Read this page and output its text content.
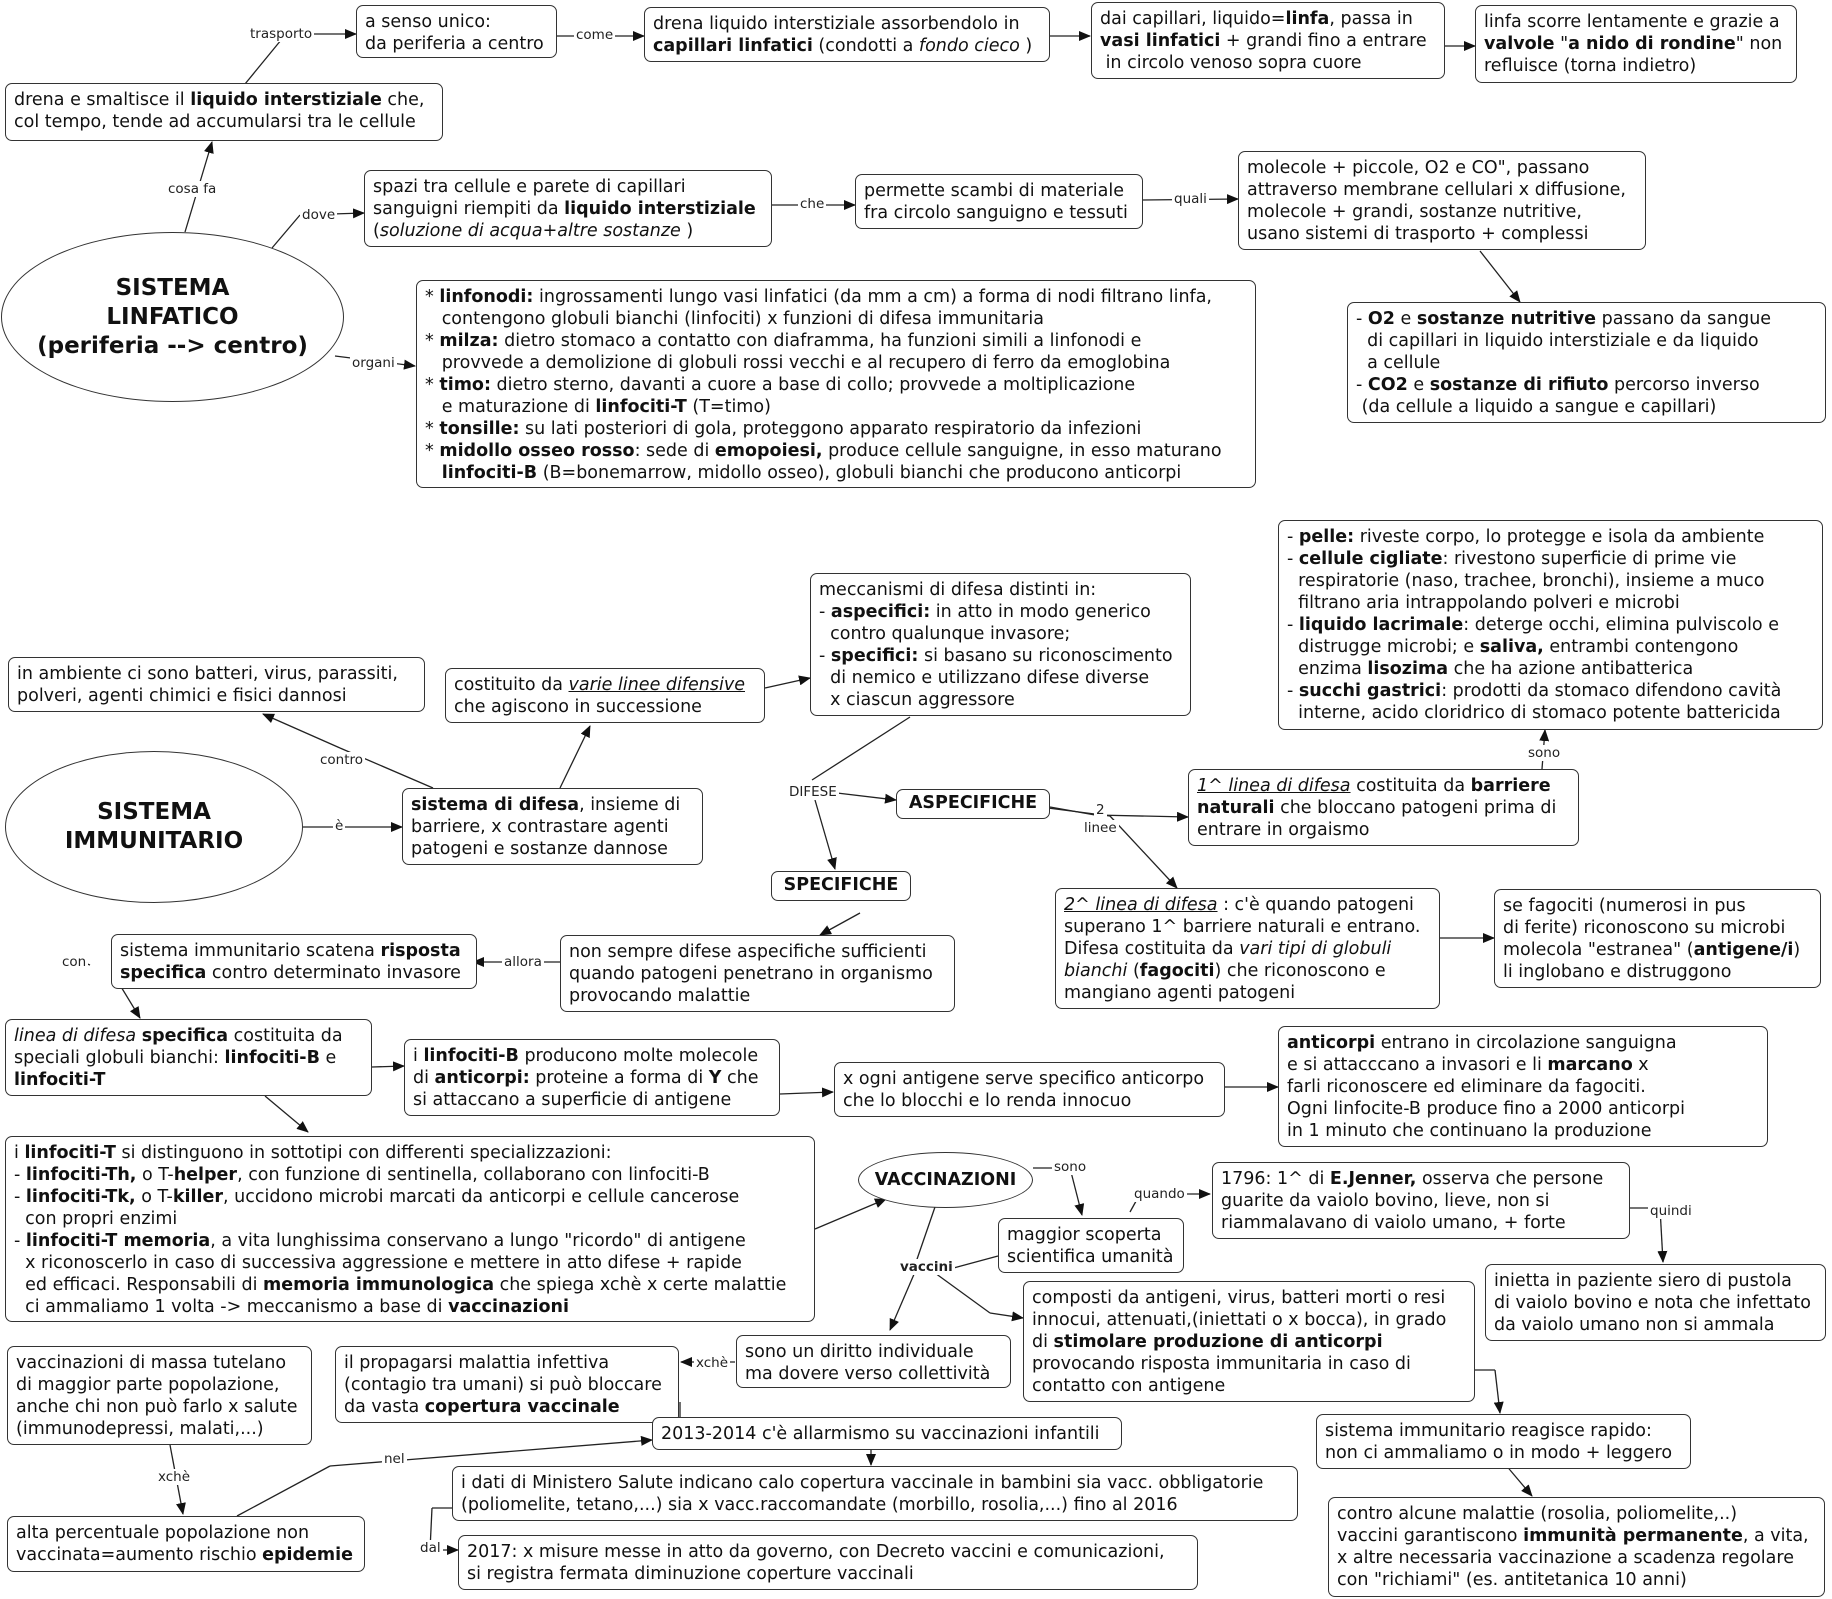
SISTEMA
LINFATICO
(periferia --> centro)
SISTEMA
IMMUNITARIO
VACCINAZIONI

drena e smaltisce il liquido interstiziale che,

col tempo, tende ad accumularsi tra le cellule

a senso unico:

da periferia a centro

drena liquido interstiziale assorbendolo in

capillari linfatici (condotti a fondo cieco )

dai capillari, liquido=linfa, passa in

vasi linfatici + grandi fino a entrare

in circolo venoso sopra cuore

linfa scorre lentamente e grazie a

valvole "a nido di rondine" non

refluisce (torna indietro)

spazi tra cellule e parete di capillari

sanguigni riempiti da liquido interstiziale

(soluzione di acqua+altre sostanze )

permette scambi di materiale

fra circolo sanguigno e tessuti

molecole + piccole, O2 e CO", passano

attraverso membrane cellulari x diffusione,

molecole + grandi, sostanze nutritive,

usano sistemi di trasporto + complessi

- O2 e sostanze nutritive passano da sangue

di capillari in liquido interstiziale e da liquido

a cellule

- CO2 e sostanze di rifiuto percorso inverso

(da cellule a liquido a sangue e capillari)

* linfonodi: ingrossamenti lungo vasi linfatici (da mm a cm) a forma di nodi filtrano linfa,

contengono globuli bianchi (linfociti) x funzioni di difesa immunitaria

* milza: dietro stomaco a contatto con diaframma, ha funzioni simili a linfonodi e

provvede a demolizione di globuli rossi vecchi e al recupero di ferro da emoglobina

* timo: dietro sterno, davanti a cuore a base di collo; provvede a moltiplicazione

e maturazione di linfociti-T (T=timo)

* tonsille: su lati posteriori di gola, proteggono apparato respiratorio da infezioni

* midollo osseo rosso: sede di emopoiesi, produce cellule sanguigne, in esso maturano

linfociti-B (B=bonemarrow, midollo osseo), globuli bianchi che producono anticorpi

in ambiente ci sono batteri, virus, parassiti,

polveri, agenti chimici e fisici dannosi

costituito da varie linee difensive

che agiscono in successione

meccanismi di difesa distinti in:

- aspecifici: in atto in modo generico

contro qualunque invasore;

- specifici: si basano su riconoscimento

di nemico e utilizzano difese diverse

x ciascun aggressore

- pelle: riveste corpo, lo protegge e isola da ambiente

- cellule cigliate: rivestono superficie di prime vie

respiratorie (naso, trachee, bronchi), insieme a muco

filtrano aria intrappolando polveri e microbi

- liquido lacrimale: deterge occhi, elimina pulviscolo e

distrugge microbi; e saliva, entrambi contengono

enzima lisozima che ha azione antibatterica

- succhi gastrici: prodotti da stomaco difendono cavità

interne, acido cloridrico di stomaco potente battericida

sistema di difesa, insieme di

barriere, x contrastare agenti

patogeni e sostanze dannose

ASPECIFICHE
SPECIFICHE

1^ linea di difesa costituita da barriere

naturali che bloccano patogeni prima di

entrare in orgaismo

2^ linea di difesa : c'è quando patogeni

superano 1^ barriere naturali e entrano.

Difesa costituita da vari tipi di globuli

bianchi (fagociti) che riconoscono e

mangiano agenti patogeni

se fagociti (numerosi in pus

di ferite) riconoscono su microbi

molecola "estranea" (antigene/i)

li inglobano e distruggono

sistema immunitario scatena risposta

specifica contro determinato invasore

non sempre difese aspecifiche sufficienti

quando patogeni penetrano in organismo

provocando malattie

linea di difesa specifica costituita da

speciali globuli bianchi: linfociti-B e

linfociti-T

i linfociti-B producono molte molecole

di anticorpi: proteine a forma di Y che

si attaccano a superficie di antigene

x ogni antigene serve specifico anticorpo

che lo blocchi e lo renda innocuo

anticorpi entrano in circolazione sanguigna

e si attacccano a invasori e li marcano x

farli riconoscere ed eliminare da fagociti.

Ogni linfocite-B produce fino a 2000 anticorpi

in 1 minuto che continuano la produzione

i linfociti-T si distinguono in sottotipi con differenti specializzazioni:

- linfociti-Th, o T-helper, con funzione di sentinella, collaborano con linfociti-B

- linfociti-Tk, o T-killer, uccidono microbi marcati da anticorpi e cellule cancerose

con propri enzimi

- linfociti-T memoria, a vita lunghissima conservano a lungo "ricordo" di antigene

x riconoscerlo in caso di successiva aggressione e mettere in atto difese + rapide

ed efficaci. Responsabili di memoria immunologica che spiega xchè x certe malattie

ci ammaliamo 1 volta -> meccanismo a base di vaccinazioni

maggior scoperta

scientifica umanità

1796: 1^ di E.Jenner, osserva che persone

guarite da vaiolo bovino, lieve, non si

riammalavano di vaiolo umano, + forte

inietta in paziente siero di pustola

di vaiolo bovino e nota che infettato

da vaiolo umano non si ammala

composti da antigeni, virus, batteri morti o resi

innocui, attenuati,(iniettati o x bocca), in grado

di stimolare produzione di anticorpi

provocando risposta immunitaria in caso di

contatto con antigene

sono un diritto individuale

ma dovere verso collettività

il propagarsi malattia infettiva

(contagio tra umani) si può bloccare

da vasta copertura vaccinale

vaccinazioni di massa tutelano

di maggior parte popolazione,

anche chi non può farlo x salute

(immunodepressi, malati,...)

alta percentuale popolazione non

vaccinata=aumento rischio epidemie

2013-2014 c'è allarmismo su vaccinazioni infantili

i dati di Ministero Salute indicano calo copertura vaccinale in bambini sia vacc. obbligatorie

(poliomelite, tetano,...) sia x vacc.raccomandate (morbillo, rosolia,...) fino al 2016

2017: x misure messe in atto da governo, con Decreto vaccini e comunicazioni,

si registra fermata diminuzione coperture vaccinali

sistema immunitario reagisce rapido:

non ci ammaliamo o in modo + leggero

contro alcune malattie (rosolia, poliomelite,..)

vaccini garantiscono immunità permanente, a vita,

x altre necessaria vaccinazione a scadenza regolare

con "richiami" (es. antitetanica 10 anni)

trasporto	come
cosa fa
dove
che	quali
organi
contro
è
DIFESE
2
linee
sono
allora
con
sono
quando
quindi
vaccini
xchè
xchè
nel
dal
